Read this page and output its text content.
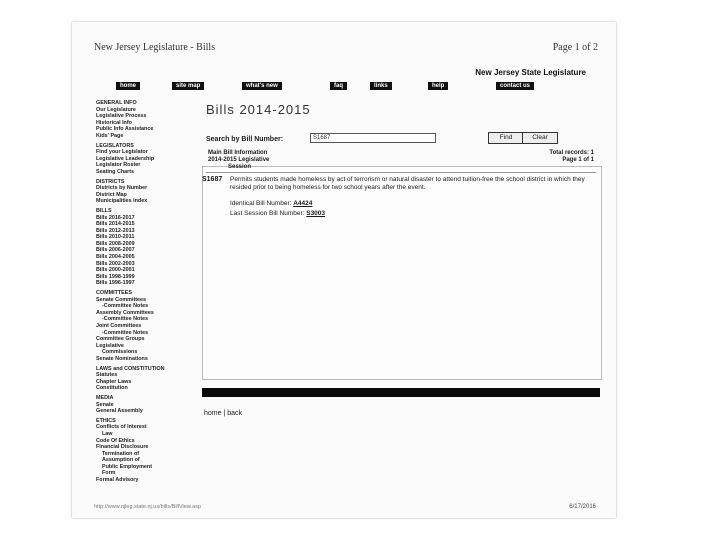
New Jersey Legislature - Bills	Page 1 of 2
New Jersey State Legislature
home	site map	what's new	faq	links	help	contact us
GENERAL INFO
Our Legislature
Legislative Process
Historical Info
Public Info Assistance
Kids' Page
LEGISLATORS
Find your Legislator
Legislative Leadership
Legislator Roster
Seating Charts
DISTRICTS
Districts by Number
District Map
Municipalities Index
BILLS
Bills 2016-2017
Bills 2014-2015
Bills 2012-2013
Bills 2010-2011
Bills 2008-2009
Bills 2006-2007
Bills 2004-2005
Bills 2002-2003
Bills 2000-2001
Bills 1998-1999
Bills 1996-1997
COMMITTEES
Senate Committees
-Committee Notes
Assembly Committees
-Committee Notes
Joint Committees
-Committee Notes
Committee Groups
Legislative
Commissions
Senate Nominations
LAWS and CONSTITUTION
Statutes
Chapter Laws
Constitution
MEDIA
Senate
General Assembly
ETHICS
Conflicts of Interest
Law
Code Of Ethics
Financial Disclosure
Termination of
Assumption of
Public Employment
Form
Formal Advisory
Bills 2014-2015
Search by Bill Number:	S1687	Find	Clear
Main Bill Information
2014-2015 Legislative
Session
Total records: 1
Page 1 of 1
S1687 Permits students made homeless by act of terrorism or natural disaster to attend tuition-free the school district in which they resided prior to being homeless for two school years after the event.
Identical Bill Number: A4424
Last Session Bill Number: S3003
home | back
http://www.njleg.state.nj.us/bills/BillView.asp	6/17/2016
